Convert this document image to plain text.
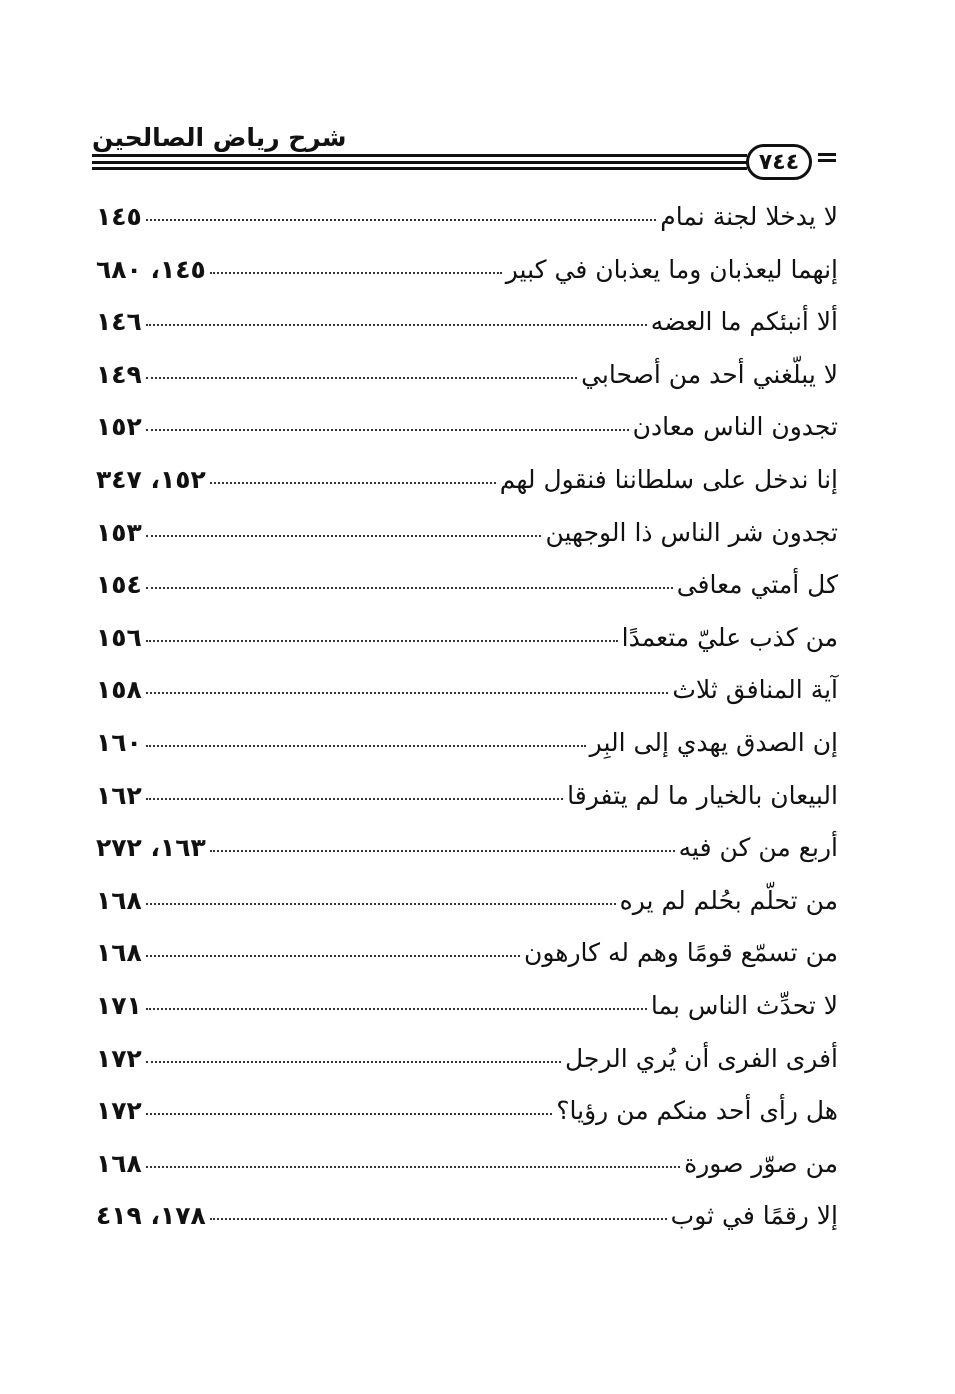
شرح رياض الصالحين
٧٤٤
لا يدخلا لجنة نمام
١٤٥
إنهما ليعذبان وما يعذبان في كبير
١٤٥، ٦٨٠
ألا أنبئكم ما العضه
١٤٦
لا يبلّغني أحد من أصحابي
١٤٩
تجدون الناس معادن
١٥٢
إنا ندخل على سلطاننا فنقول لهم
١٥٢، ٣٤٧
تجدون شر الناس ذا الوجهين
١٥٣
كل أمتي معافى
١٥٤
من كذب عليّ متعمدًا
١٥٦
آية المنافق ثلاث
١٥٨
إن الصدق يهدي إلى البِر
١٦٠
البيعان بالخيار ما لم يتفرقا
١٦٢
أربع من كن فيه
١٦٣، ٢٧٢
من تحلّم بحُلم لم يره
١٦٨
من تسمّع قومًا وهم له كارهون
١٦٨
لا تحدِّث الناس بما
١٧١
أفرى الفرى أن يُري الرجل
١٧٢
هل رأى أحد منكم من رؤيا؟
١٧٢
من صوّر صورة
١٦٨
إلا رقمًا في ثوب
١٧٨، ٤١٩
